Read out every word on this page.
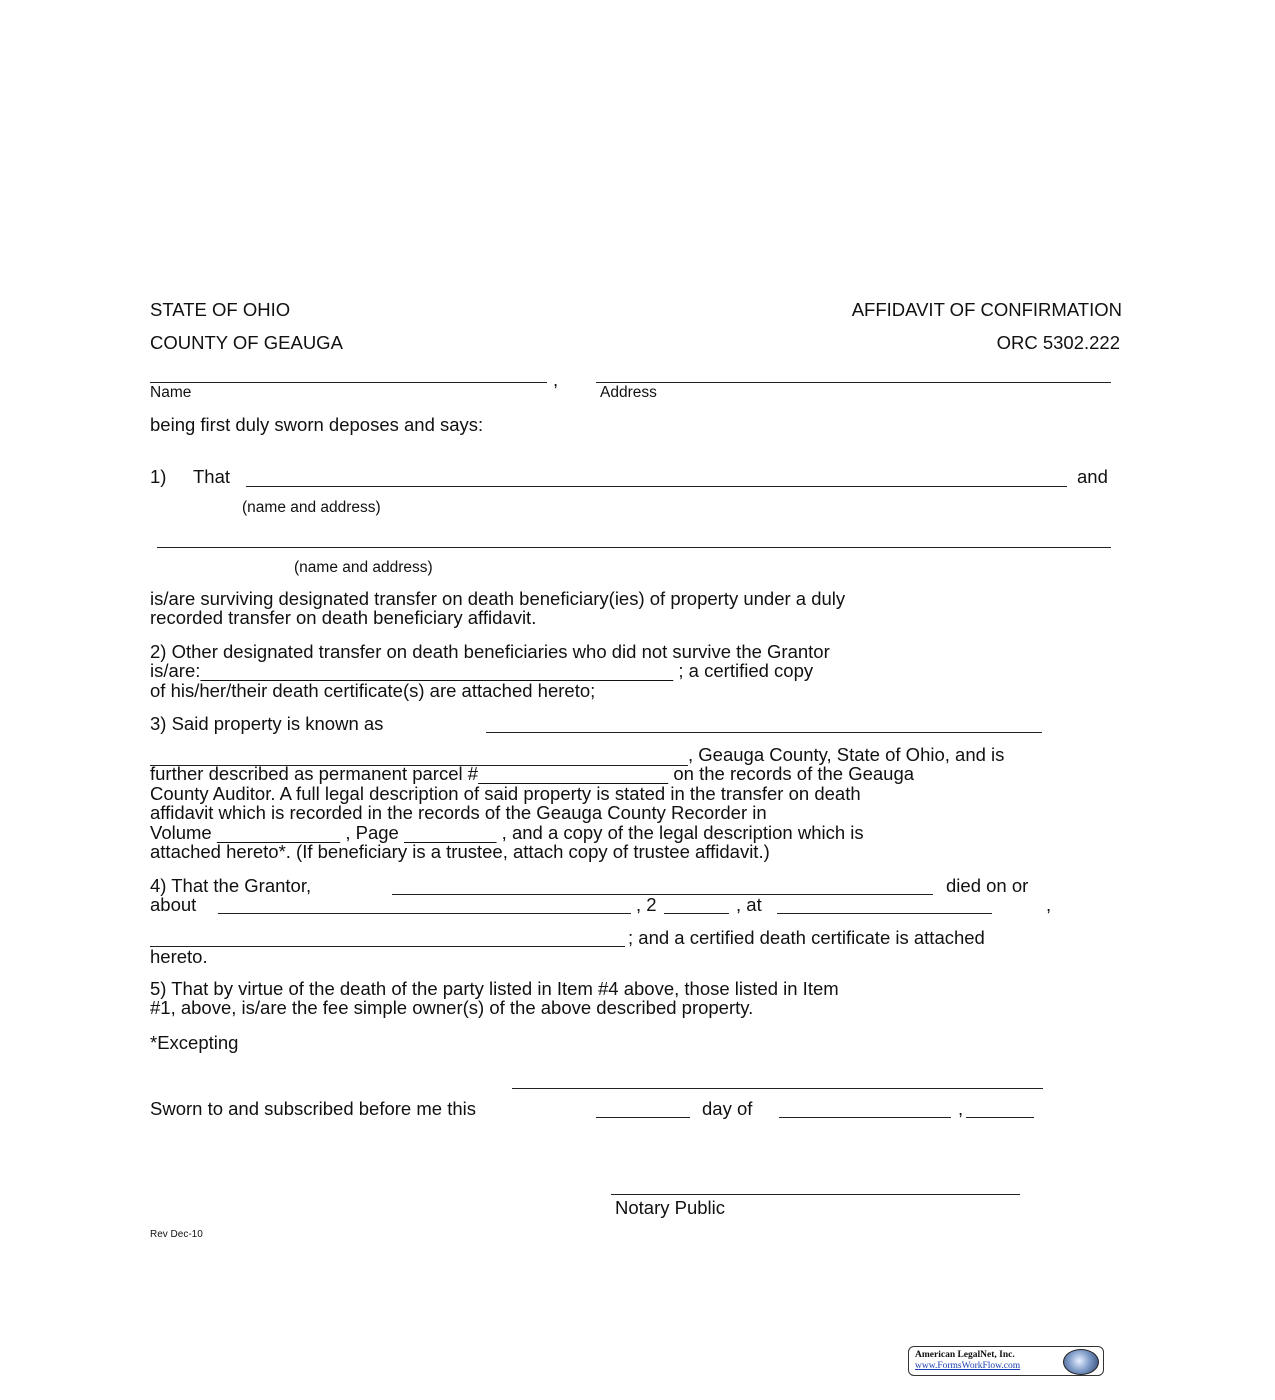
STATE OF OHIO
COUNTY OF GEAUGA
AFFIDAVIT OF CONFIRMATION
ORC 5302.222
,
Name	Address
being first duly sworn deposes and says:
1) That	and
(name and address)
(name and address)
is/are surviving designated transfer on death beneficiary(ies) of property under a duly
recorded transfer on death beneficiary affidavit.
2) Other designated transfer on death beneficiaries who did not survive the Grantor
is/are:	; a certified copy
of his/her/their death certificate(s) are attached hereto;
3) Said property is known as
, Geauga County, State of Ohio, and is
further described as permanent parcel #	on the records of the Geauga
County Auditor. A full legal description of said property is stated in the transfer on death
affidavit which is recorded in the records of the Geauga County Recorder in
Volume	, Page	, and a copy of the legal description which is
attached hereto*. (If beneficiary is a trustee, attach copy of trustee affidavit.)
4) That the Grantor,	died on or
about	, 2	, at	,
; and a certified death certificate is attached
hereto.
5) That by virtue of the death of the party listed in Item #4 above, those listed in Item
#1, above, is/are the fee simple owner(s) of the above described property.
*Excepting
Sworn to and subscribed before me this	day of	,
Notary Public
Rev Dec-10
American LegalNet, Inc.
www.FormsWorkFlow.com
